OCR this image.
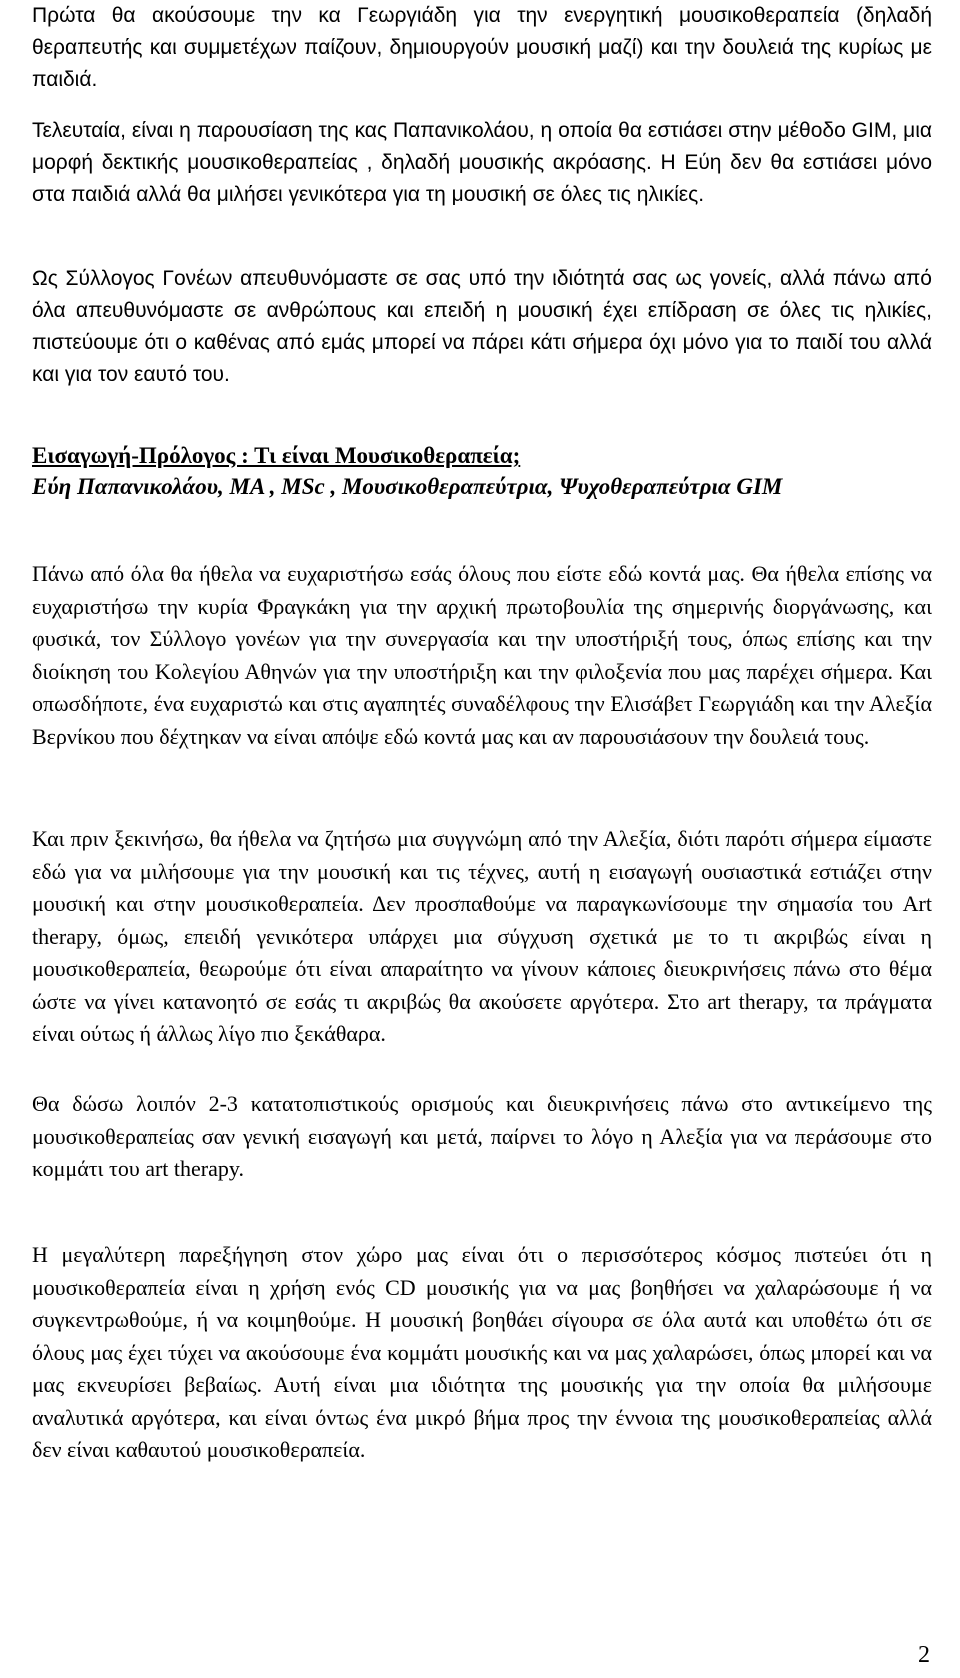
Πρώτα θα ακούσουμε την κα Γεωργιάδη για την ενεργητική μουσικοθεραπεία (δηλαδή θεραπευτής και συμμετέχων παίζουν, δημιουργούν μουσική μαζί) και την δουλειά της κυρίως με παιδιά.

Τελευταία, είναι η παρουσίαση της κας Παπανικολάου, η οποία θα εστιάσει στην μέθοδο GIM, μια μορφή δεκτικής μουσικοθεραπείας , δηλαδή μουσικής ακρόασης. Η Εύη δεν θα εστιάσει μόνο στα παιδιά αλλά θα μιλήσει γενικότερα για τη μουσική σε όλες τις ηλικίες.

Ως Σύλλογος Γονέων απευθυνόμαστε σε σας υπό την ιδιότητά σας ως γονείς, αλλά πάνω από όλα απευθυνόμαστε σε ανθρώπους και επειδή η μουσική έχει επίδραση σε όλες τις ηλικίες, πιστεύουμε ότι ο καθένας από εμάς μπορεί να πάρει κάτι σήμερα όχι μόνο για το παιδί του αλλά και για τον εαυτό του.

Εισαγωγή-Πρόλογος : Τι είναι Μουσικοθεραπεία;
Εύη Παπανικολάου, ΜΑ , MSc , Μουσικοθεραπεύτρια, Ψυχοθεραπεύτρια GIM

Πάνω από όλα θα ήθελα να ευχαριστήσω εσάς όλους που είστε εδώ κοντά μας. Θα ήθελα επίσης να ευχαριστήσω την κυρία Φραγκάκη για την αρχική πρωτοβουλία της σημερινής διοργάνωσης, και φυσικά, τον Σύλλογο γονέων για την συνεργασία και την υποστήριξή τους, όπως επίσης και την διοίκηση του Κολεγίου Αθηνών για την υποστήριξη και την φιλοξενία που μας παρέχει σήμερα. Και οπωσδήποτε, ένα ευχαριστώ και στις αγαπητές συναδέλφους την Ελισάβετ Γεωργιάδη και την Αλεξία Βερνίκου που δέχτηκαν να είναι απόψε εδώ κοντά μας και αν παρουσιάσουν την δουλειά τους.

Και πριν ξεκινήσω, θα ήθελα να ζητήσω μια συγγνώμη από την Αλεξία, διότι παρότι σήμερα είμαστε εδώ για να μιλήσουμε για την μουσική και τις τέχνες, αυτή η εισαγωγή ουσιαστικά εστιάζει στην μουσική και στην μουσικοθεραπεία. Δεν προσπαθούμε να παραγκωνίσουμε την σημασία του Art therapy, όμως, επειδή γενικότερα υπάρχει μια σύγχυση σχετικά με το τι ακριβώς είναι η μουσικοθεραπεία, θεωρούμε ότι είναι απαραίτητο να γίνουν κάποιες διευκρινήσεις πάνω στο θέμα ώστε να γίνει κατανοητό σε εσάς τι ακριβώς θα ακούσετε αργότερα. Στο art therapy, τα πράγματα είναι ούτως ή άλλως λίγο πιο ξεκάθαρα.

Θα δώσω λοιπόν 2-3 κατατοπιστικούς ορισμούς και διευκρινήσεις πάνω στο αντικείμενο της μουσικοθεραπείας σαν γενική εισαγωγή και μετά, παίρνει το λόγο η Αλεξία για να περάσουμε στο κομμάτι του art therapy.

Η μεγαλύτερη παρεξήγηση στον χώρο μας είναι ότι ο περισσότερος κόσμος πιστεύει ότι η μουσικοθεραπεία είναι η χρήση ενός CD μουσικής για να μας βοηθήσει να χαλαρώσουμε ή να συγκεντρωθούμε, ή να κοιμηθούμε. Η μουσική βοηθάει σίγουρα σε όλα αυτά και υποθέτω ότι σε όλους μας έχει τύχει να ακούσουμε ένα κομμάτι μουσικής και να μας χαλαρώσει, όπως μπορεί και να μας εκνευρίσει βεβαίως. Αυτή είναι μια ιδιότητα της μουσικής για την οποία θα μιλήσουμε αναλυτικά αργότερα, και είναι όντως ένα μικρό βήμα προς την έννοια της μουσικοθεραπείας αλλά δεν είναι καθαυτού μουσικοθεραπεία.

2
